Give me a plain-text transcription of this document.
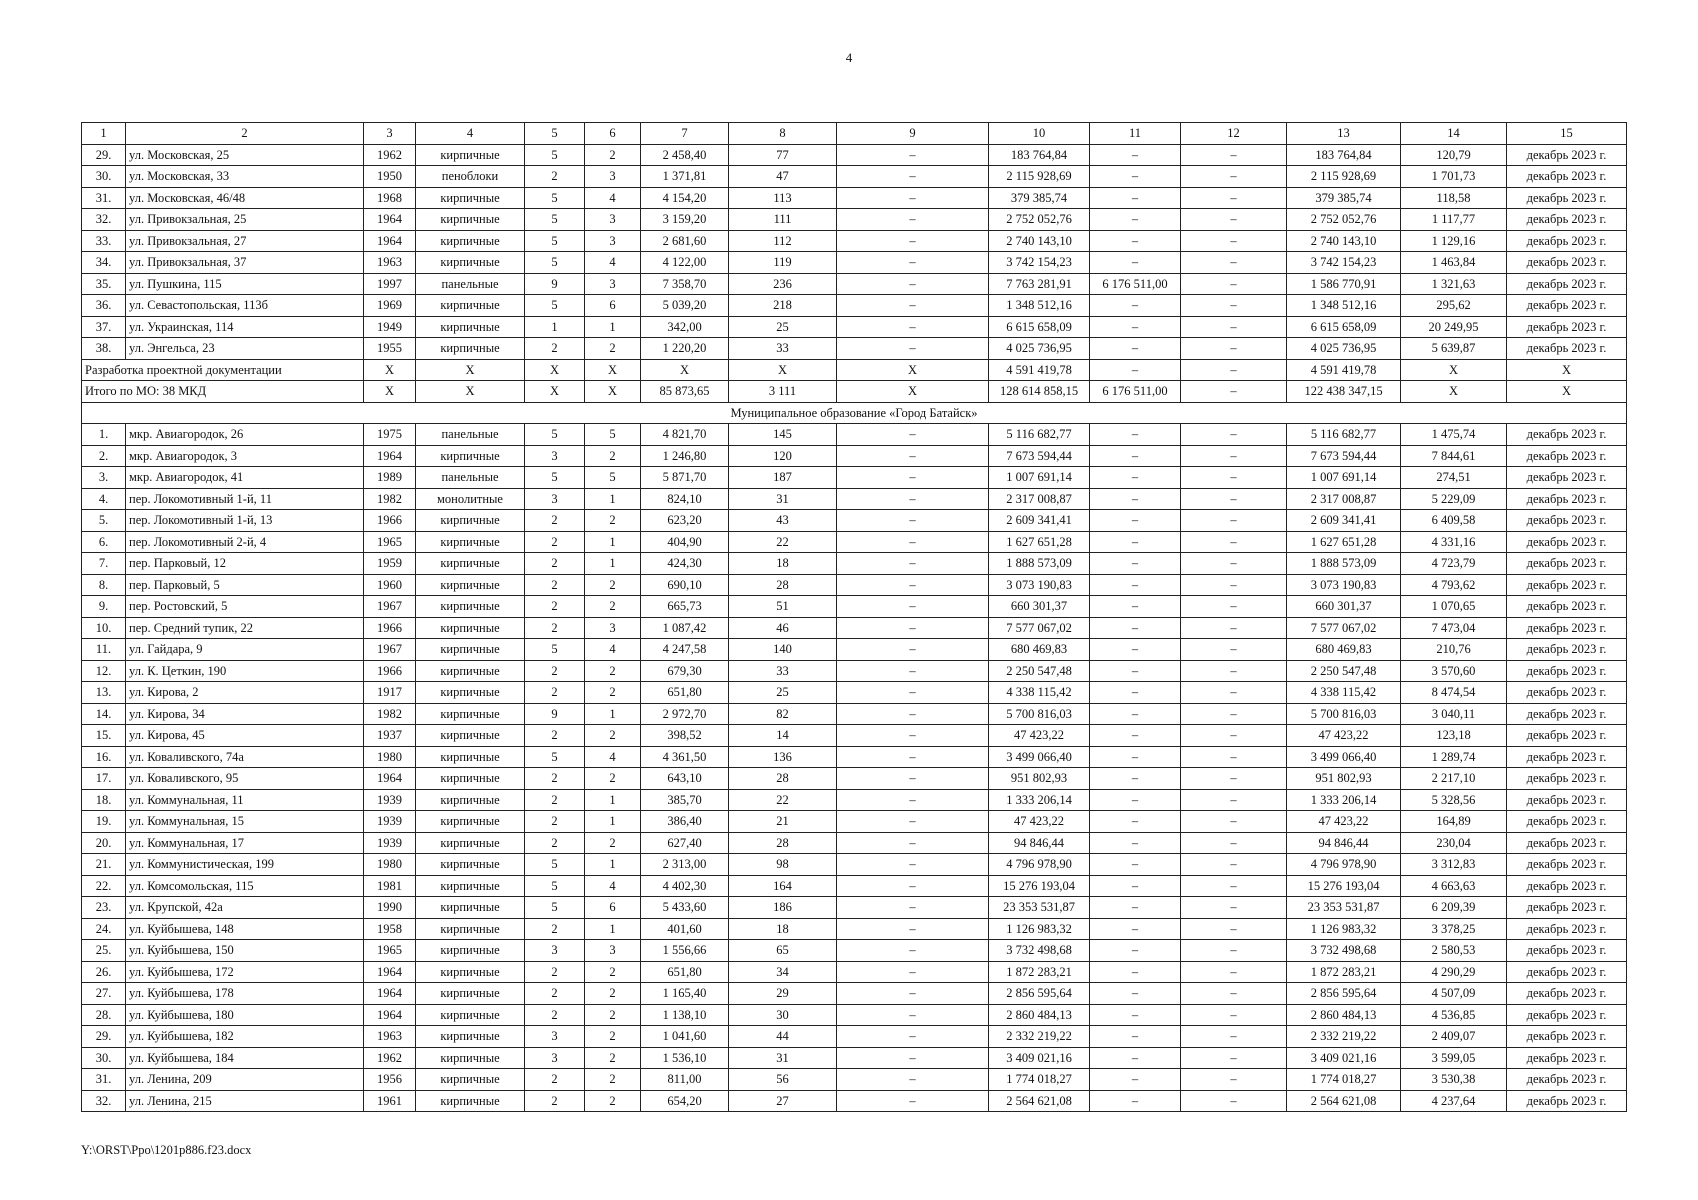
4
1	2	3	4	5	6	7	8	9	10	11	12	13	14	15
29.	ул. Московская, 25	1962	кирпичные	5	2	2 458,40	77	–	183 764,84	–	–	183 764,84	120,79	декабрь 2023 г.
30.	ул. Московская, 33	1950	пеноблоки	2	3	1 371,81	47	–	2 115 928,69	–	–	2 115 928,69	1 701,73	декабрь 2023 г.
31.	ул. Московская, 46/48	1968	кирпичные	5	4	4 154,20	113	–	379 385,74	–	–	379 385,74	118,58	декабрь 2023 г.
32.	ул. Привокзальная, 25	1964	кирпичные	5	3	3 159,20	111	–	2 752 052,76	–	–	2 752 052,76	1 117,77	декабрь 2023 г.
33.	ул. Привокзальная, 27	1964	кирпичные	5	3	2 681,60	112	–	2 740 143,10	–	–	2 740 143,10	1 129,16	декабрь 2023 г.
34.	ул. Привокзальная, 37	1963	кирпичные	5	4	4 122,00	119	–	3 742 154,23	–	–	3 742 154,23	1 463,84	декабрь 2023 г.
35.	ул. Пушкина, 115	1997	панельные	9	3	7 358,70	236	–	7 763 281,91	6 176 511,00	–	1 586 770,91	1 321,63	декабрь 2023 г.
36.	ул. Севастопольская, 113б	1969	кирпичные	5	6	5 039,20	218	–	1 348 512,16	–	–	1 348 512,16	295,62	декабрь 2023 г.
37.	ул. Украинская, 114	1949	кирпичные	1	1	342,00	25	–	6 615 658,09	–	–	6 615 658,09	20 249,95	декабрь 2023 г.
38.	ул. Энгельса, 23	1955	кирпичные	2	2	1 220,20	33	–	4 025 736,95	–	–	4 025 736,95	5 639,87	декабрь 2023 г.
Разработка проектной документации		X	X	X	X	X	X	X	4 591 419,78	–	–	4 591 419,78	X	X
Итого по МО: 38 МКД		X	X	X	X	85 873,65	3 111	X	128 614 858,15	6 176 511,00	–	122 438 347,15	X	X
Муниципальное образование «Город Батайск»														
1.	мкр. Авиагородок, 26	1975	панельные	5	5	4 821,70	145	–	5 116 682,77	–	–	5 116 682,77	1 475,74	декабрь 2023 г.
2.	мкр. Авиагородок, 3	1964	кирпичные	3	2	1 246,80	120	–	7 673 594,44	–	–	7 673 594,44	7 844,61	декабрь 2023 г.
3.	мкр. Авиагородок, 41	1989	панельные	5	5	5 871,70	187	–	1 007 691,14	–	–	1 007 691,14	274,51	декабрь 2023 г.
4.	пер. Локомотивный 1-й, 11	1982	монолитные	3	1	824,10	31	–	2 317 008,87	–	–	2 317 008,87	5 229,09	декабрь 2023 г.
5.	пер. Локомотивный 1-й, 13	1966	кирпичные	2	2	623,20	43	–	2 609 341,41	–	–	2 609 341,41	6 409,58	декабрь 2023 г.
6.	пер. Локомотивный 2-й, 4	1965	кирпичные	2	1	404,90	22	–	1 627 651,28	–	–	1 627 651,28	4 331,16	декабрь 2023 г.
7.	пер. Парковый, 12	1959	кирпичные	2	1	424,30	18	–	1 888 573,09	–	–	1 888 573,09	4 723,79	декабрь 2023 г.
8.	пер. Парковый, 5	1960	кирпичные	2	2	690,10	28	–	3 073 190,83	–	–	3 073 190,83	4 793,62	декабрь 2023 г.
9.	пер. Ростовский, 5	1967	кирпичные	2	2	665,73	51	–	660 301,37	–	–	660 301,37	1 070,65	декабрь 2023 г.
10.	пер. Средний тупик, 22	1966	кирпичные	2	3	1 087,42	46	–	7 577 067,02	–	–	7 577 067,02	7 473,04	декабрь 2023 г.
11.	ул. Гайдара, 9	1967	кирпичные	5	4	4 247,58	140	–	680 469,83	–	–	680 469,83	210,76	декабрь 2023 г.
12.	ул. К. Цеткин, 190	1966	кирпичные	2	2	679,30	33	–	2 250 547,48	–	–	2 250 547,48	3 570,60	декабрь 2023 г.
13.	ул. Кирова, 2	1917	кирпичные	2	2	651,80	25	–	4 338 115,42	–	–	4 338 115,42	8 474,54	декабрь 2023 г.
14.	ул. Кирова, 34	1982	кирпичные	9	1	2 972,70	82	–	5 700 816,03	–	–	5 700 816,03	3 040,11	декабрь 2023 г.
15.	ул. Кирова, 45	1937	кирпичные	2	2	398,52	14	–	47 423,22	–	–	47 423,22	123,18	декабрь 2023 г.
16.	ул. Коваливского, 74а	1980	кирпичные	5	4	4 361,50	136	–	3 499 066,40	–	–	3 499 066,40	1 289,74	декабрь 2023 г.
17.	ул. Коваливского, 95	1964	кирпичные	2	2	643,10	28	–	951 802,93	–	–	951 802,93	2 217,10	декабрь 2023 г.
18.	ул. Коммунальная, 11	1939	кирпичные	2	1	385,70	22	–	1 333 206,14	–	–	1 333 206,14	5 328,56	декабрь 2023 г.
19.	ул. Коммунальная, 15	1939	кирпичные	2	1	386,40	21	–	47 423,22	–	–	47 423,22	164,89	декабрь 2023 г.
20.	ул. Коммунальная, 17	1939	кирпичные	2	2	627,40	28	–	94 846,44	–	–	94 846,44	230,04	декабрь 2023 г.
21.	ул. Коммунистическая, 199	1980	кирпичные	5	1	2 313,00	98	–	4 796 978,90	–	–	4 796 978,90	3 312,83	декабрь 2023 г.
22.	ул. Комсомольская, 115	1981	кирпичные	5	4	4 402,30	164	–	15 276 193,04	–	–	15 276 193,04	4 663,63	декабрь 2023 г.
23.	ул. Крупской, 42а	1990	кирпичные	5	6	5 433,60	186	–	23 353 531,87	–	–	23 353 531,87	6 209,39	декабрь 2023 г.
24.	ул. Куйбышева, 148	1958	кирпичные	2	1	401,60	18	–	1 126 983,32	–	–	1 126 983,32	3 378,25	декабрь 2023 г.
25.	ул. Куйбышева, 150	1965	кирпичные	3	3	1 556,66	65	–	3 732 498,68	–	–	3 732 498,68	2 580,53	декабрь 2023 г.
26.	ул. Куйбышева, 172	1964	кирпичные	2	2	651,80	34	–	1 872 283,21	–	–	1 872 283,21	4 290,29	декабрь 2023 г.
27.	ул. Куйбышева, 178	1964	кирпичные	2	2	1 165,40	29	–	2 856 595,64	–	–	2 856 595,64	4 507,09	декабрь 2023 г.
28.	ул. Куйбышева, 180	1964	кирпичные	2	2	1 138,10	30	–	2 860 484,13	–	–	2 860 484,13	4 536,85	декабрь 2023 г.
29.	ул. Куйбышева, 182	1963	кирпичные	3	2	1 041,60	44	–	2 332 219,22	–	–	2 332 219,22	2 409,07	декабрь 2023 г.
30.	ул. Куйбышева, 184	1962	кирпичные	3	2	1 536,10	31	–	3 409 021,16	–	–	3 409 021,16	3 599,05	декабрь 2023 г.
31.	ул. Ленина, 209	1956	кирпичные	2	2	811,00	56	–	1 774 018,27	–	–	1 774 018,27	3 530,38	декабрь 2023 г.
32.	ул. Ленина, 215	1961	кирпичные	2	2	654,20	27	–	2 564 621,08	–	–	2 564 621,08	4 237,64	декабрь 2023 г.
Y:\ORST\Ppo\1201p886.f23.docx
